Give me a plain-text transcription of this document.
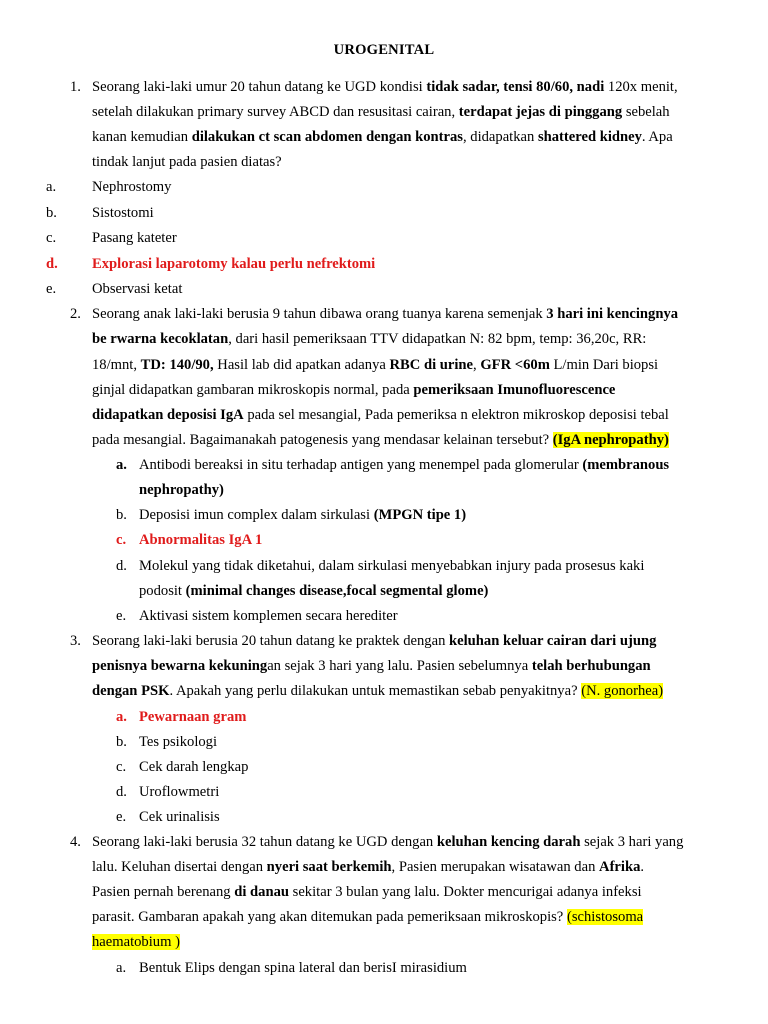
UROGENITAL
1. Seorang laki-laki umur 20 tahun datang ke UGD kondisi tidak sadar, tensi 80/60, nadi 120x menit,
setelah dilakukan primary survey ABCD dan resusitasi cairan, terdapat jejas di pinggang sebelah
kanan kemudian dilakukan ct scan abdomen dengan kontras, didapatkan shattered kidney. Apa
tindak lanjut pada pasien diatas?
a. Nephrostomy
b. Sistostomi
c. Pasang kateter
d. Explorasi laparotomy kalau perlu nefrektomi
e. Observasi ketat
2. Seorang anak laki-laki berusia 9 tahun dibawa orang tuanya karena semenjak 3 hari ini kencingnya
be rwarna kecoklatan, dari hasil pemeriksaan TTV didapatkan N: 82 bpm, temp: 36,20c, RR:
18/mnt, TD: 140/90, Hasil lab did apatkan adanya RBC di urine, GFR <60m L/min Dari biopsi
ginjal didapatkan gambaran mikroskopis normal, pada pemeriksaan Imunofluorescence
didapatkan deposisi IgA pada sel mesangial, Pada pemeriksa n elektron mikroskop deposisi tebal
pada mesangial. Bagaimanakah patogenesis yang mendasar kelainan tersebut? (IgA nephropathy)
a. Antibodi bereaksi in situ terhadap antigen yang menempel pada glomerular (membranous
nephropathy)
b. Deposisi imun complex dalam sirkulasi (MPGN tipe 1)
c. Abnormalitas IgA 1
d. Molekul yang tidak diketahui, dalam sirkulasi menyebabkan injury pada prosesus kaki
podosit (minimal changes disease,focal segmental glome)
e. Aktivasi sistem komplemen secara herediter
3. Seorang laki-laki berusia 20 tahun datang ke praktek dengan keluhan keluar cairan dari ujung
penisnya bewarna kekuningan sejak 3 hari yang lalu. Pasien sebelumnya telah berhubungan
dengan PSK. Apakah yang perlu dilakukan untuk memastikan sebab penyakitnya? (N. gonorhea)
a. Pewarnaan gram
b. Tes psikologi
c. Cek darah lengkap
d. Uroflowmetri
e. Cek urinalisis
4. Seorang laki-laki berusia 32 tahun datang ke UGD dengan keluhan kencing darah sejak 3 hari yang
lalu. Keluhan disertai dengan nyeri saat berkemih, Pasien merupakan wisatawan dan Afrika.
Pasien pernah berenang di danau sekitar 3 bulan yang lalu. Dokter mencurigai adanya infeksi
parasit. Gambaran apakah yang akan ditemukan pada pemeriksaan mikroskopis? (schistosoma
haematobium )
a. Bentuk Elips dengan spina lateral dan berisI mirasidium
